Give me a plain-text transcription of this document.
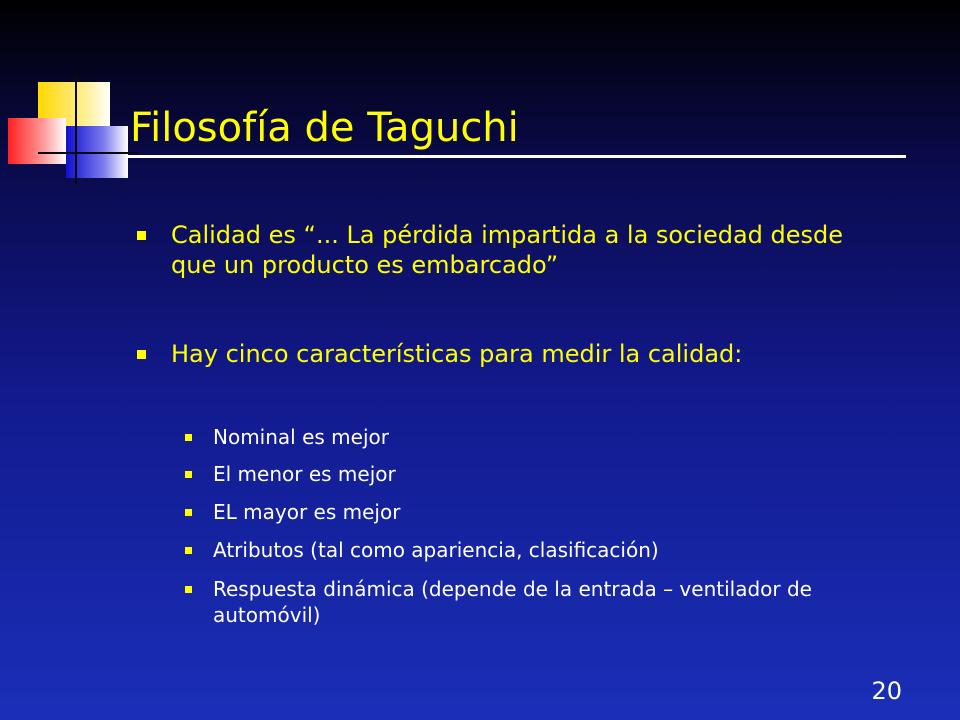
Filosofía de Taguchi
Calidad es “... La pérdida impartida a la sociedad desde que un producto es embarcado”
Hay cinco características para medir la calidad:
Nominal es mejor
El menor es mejor
EL mayor es mejor
Atributos (tal como apariencia, clasificación)
Respuesta dinámica (depende de la entrada – ventilador de automóvil)
20
